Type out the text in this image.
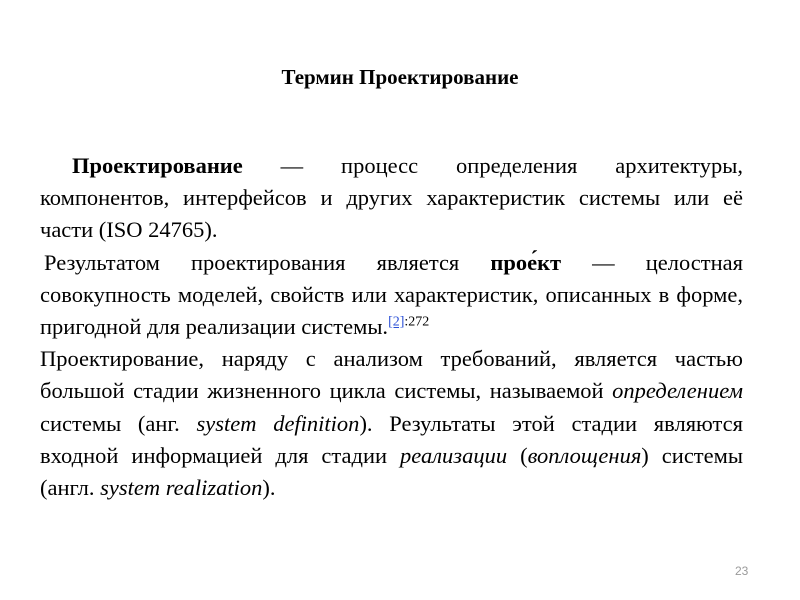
Термин Проектирование

Проектирование — процесс определения архитектуры, компонентов, интерфейсов и других характеристик системы или её части (ISO 24765).

Результатом проектирования является прое́кт — целостная совокупность моделей, свойств или характеристик, описанных в форме, пригодной для реализации системы.$^{[2]:272}$

Проектирование, наряду с анализом требований, является частью большой стадии жизненного цикла системы, называемой определением системы (анг. system definition). Результаты этой стадии являются входной информацией для стадии реализации (воплощения) системы (англ. system realization).

23
